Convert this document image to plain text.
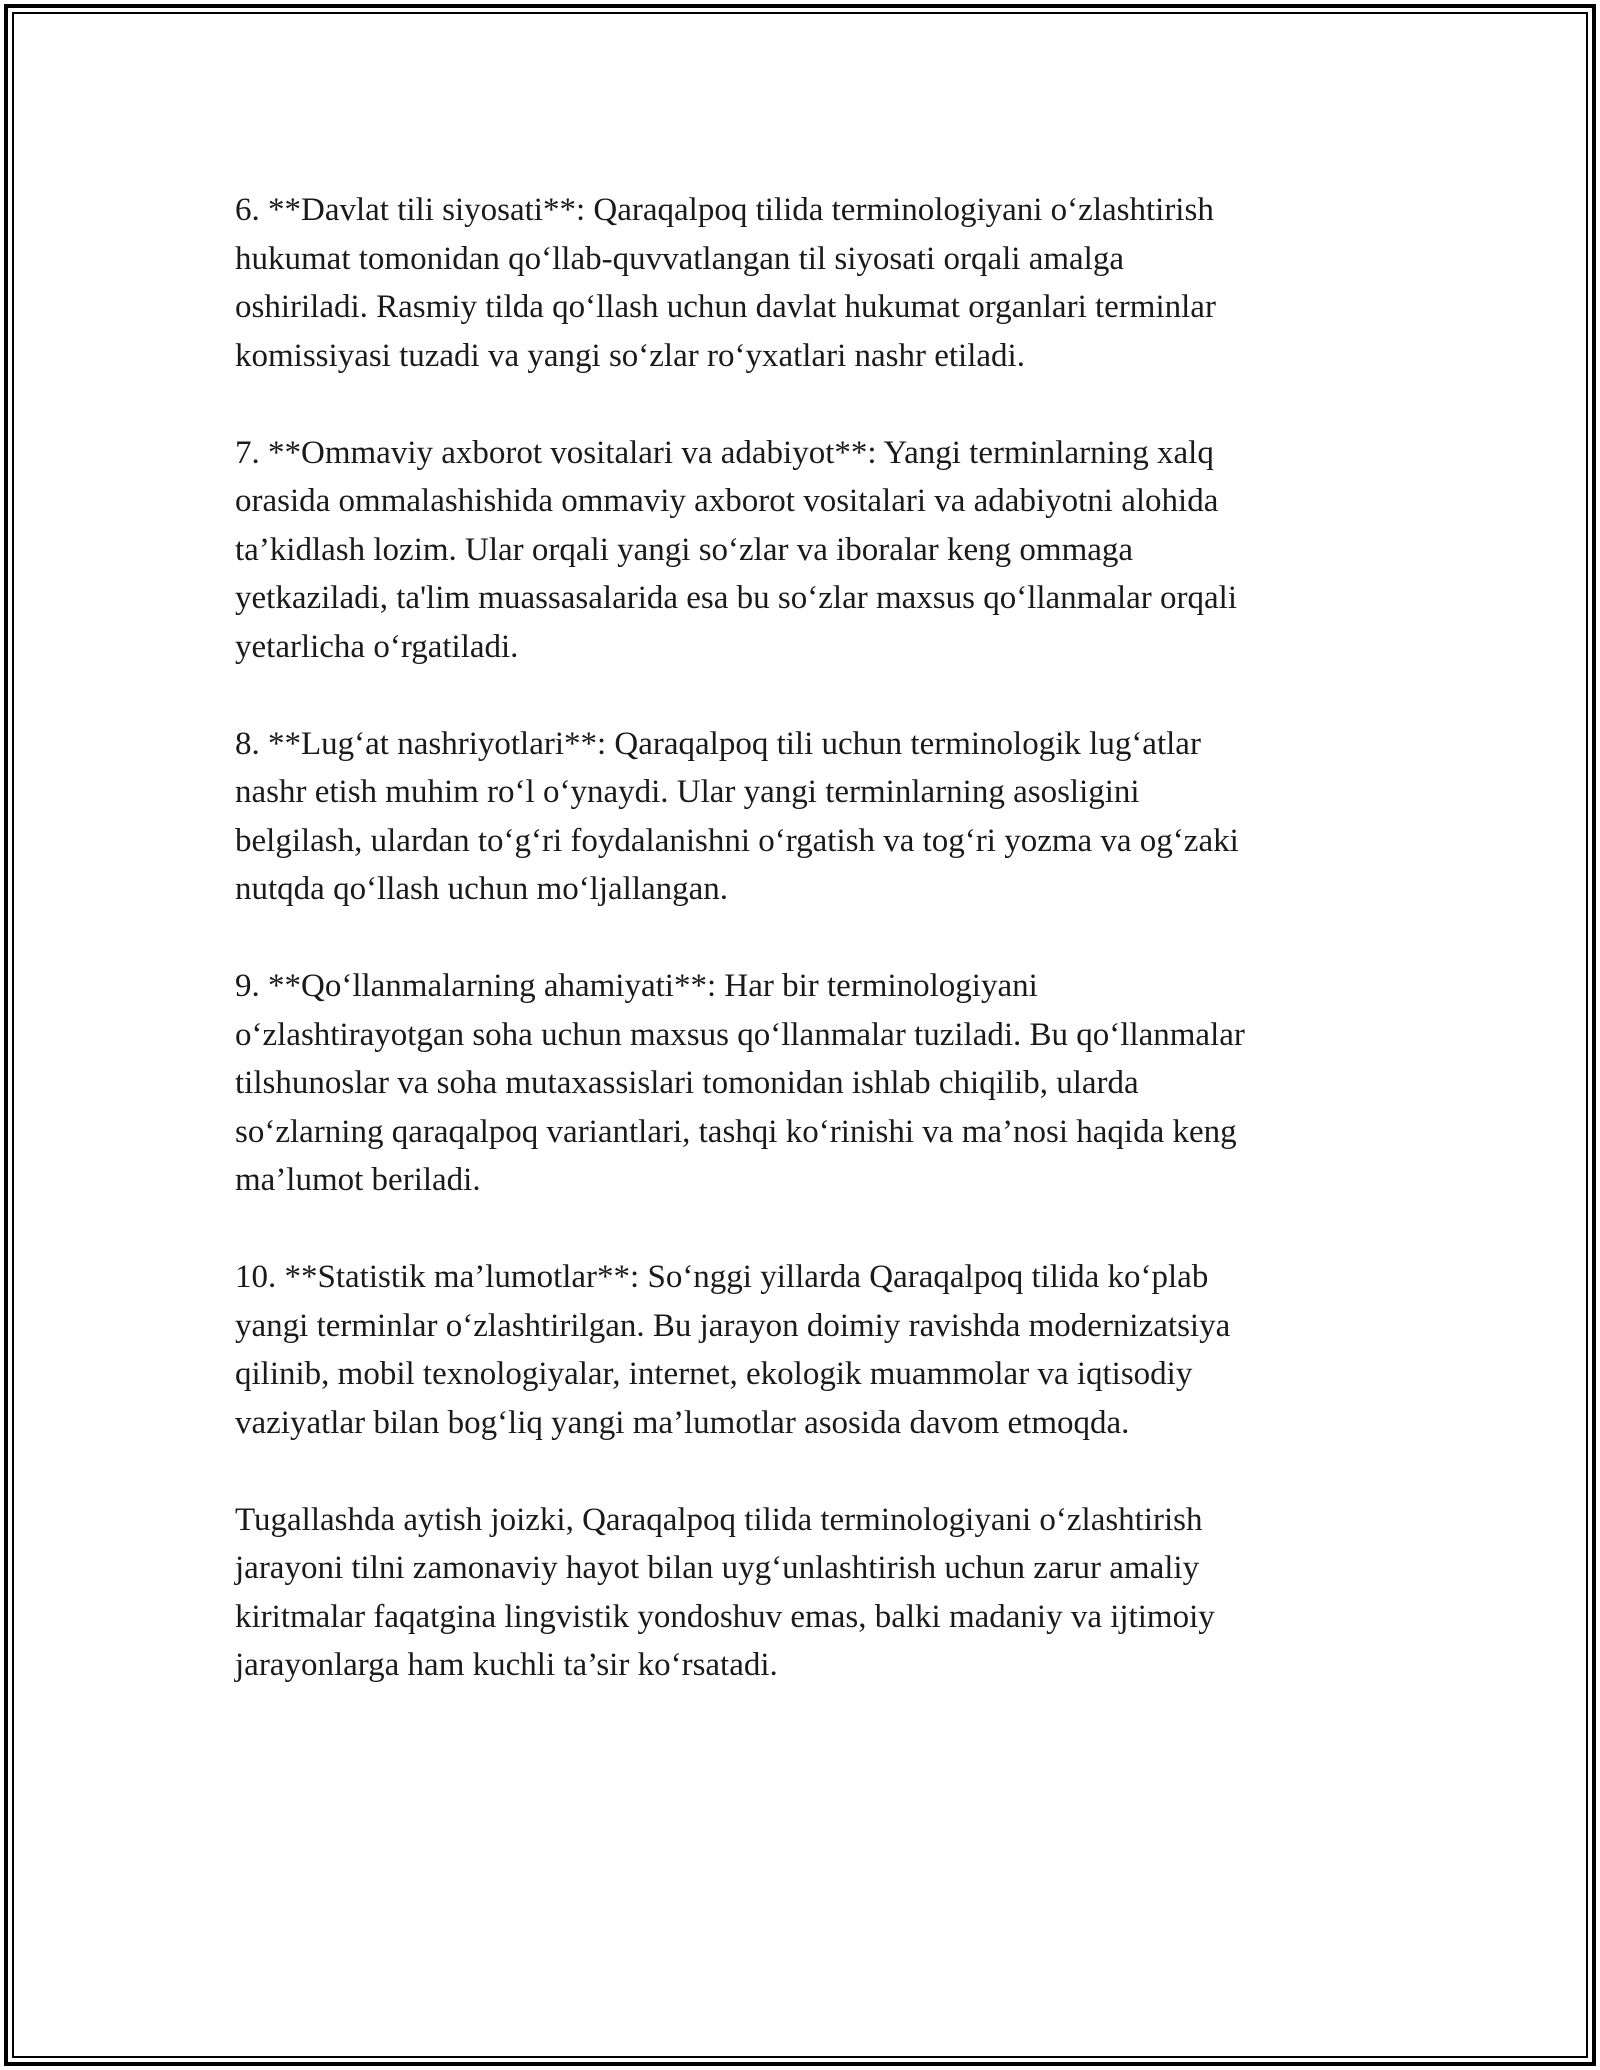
6. **Davlat tili siyosati**: Qaraqalpoq tilida terminologiyani o‘zlashtirish
hukumat tomonidan qo‘llab-quvvatlangan til siyosati orqali amalga
oshiriladi. Rasmiy tilda qo‘llash uchun davlat hukumat organlari terminlar
komissiyasi tuzadi va yangi so‘zlar ro‘yxatlari nashr etiladi.

7. **Ommaviy axborot vositalari va adabiyot**: Yangi terminlarning xalq
orasida ommalashishida ommaviy axborot vositalari va adabiyotni alohida
ta’kidlash lozim. Ular orqali yangi so‘zlar va iboralar keng ommaga
yetkaziladi, ta'lim muassasalarida esa bu so‘zlar maxsus qo‘llanmalar orqali
yetarlicha o‘rgatiladi.

8. **Lug‘at nashriyotlari**: Qaraqalpoq tili uchun terminologik lug‘atlar
nashr etish muhim ro‘l o‘ynaydi. Ular yangi terminlarning asosligini
belgilash, ulardan to‘g‘ri foydalanishni o‘rgatish va tog‘ri yozma va og‘zaki
nutqda qo‘llash uchun mo‘ljallangan.

9. **Qo‘llanmalarning ahamiyati**: Har bir terminologiyani
o‘zlashtirayotgan soha uchun maxsus qo‘llanmalar tuziladi. Bu qo‘llanmalar
tilshunoslar va soha mutaxassislari tomonidan ishlab chiqilib, ularda
so‘zlarning qaraqalpoq variantlari, tashqi ko‘rinishi va ma’nosi haqida keng
ma’lumot beriladi.

10. **Statistik ma’lumotlar**: So‘nggi yillarda Qaraqalpoq tilida ko‘plab
yangi terminlar o‘zlashtirilgan. Bu jarayon doimiy ravishda modernizatsiya
qilinib, mobil texnologiyalar, internet, ekologik muammolar va iqtisodiy
vaziyatlar bilan bog‘liq yangi ma’lumotlar asosida davom etmoqda.

Tugallashda aytish joizki, Qaraqalpoq tilida terminologiyani o‘zlashtirish
jarayoni tilni zamonaviy hayot bilan uyg‘unlashtirish uchun zarur amaliy
kiritmalar faqatgina lingvistik yondoshuv emas, balki madaniy va ijtimoiy
jarayonlarga ham kuchli ta’sir ko‘rsatadi.
